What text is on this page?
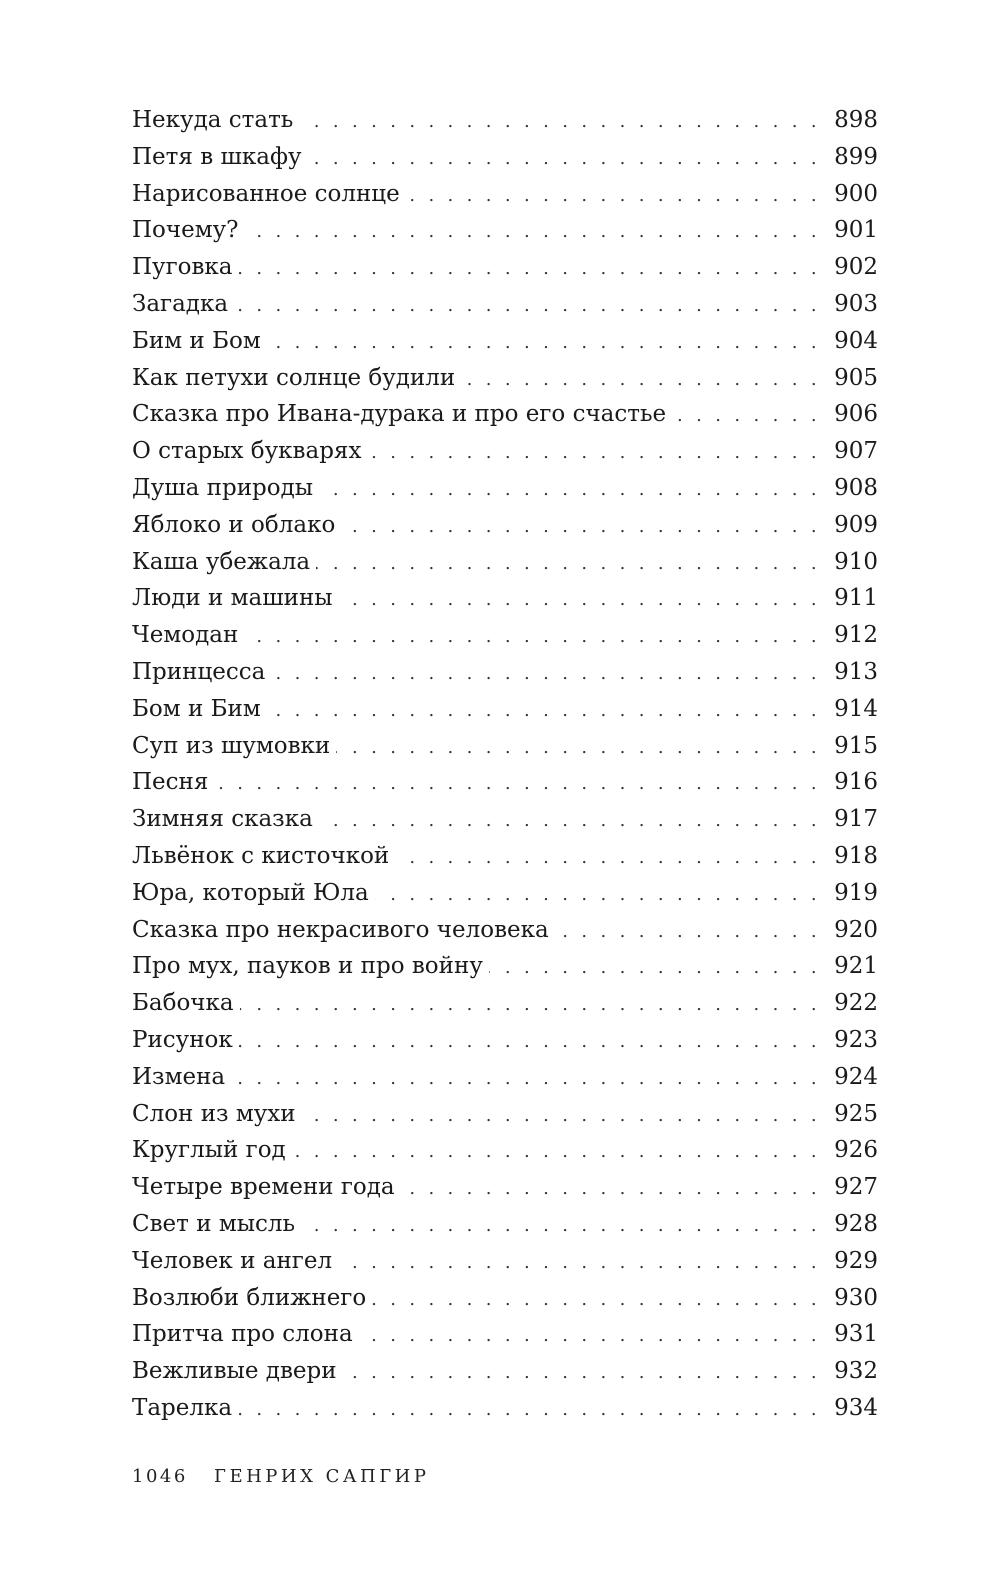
Некуда стать .....	898
Петя в шкафу .....	899
Нарисованное солнце .....	900
Почему? .....	901
Пуговка .....	902
Загадка .....	903
Бим и Бом .....	904
Как петухи солнце будили .....	905
Сказка про Ивана-дурака и про его счастье .....	906
О старых букварях .....	907
Душа природы .....	908
Яблоко и облако .....	909
Каша убежала .....	910
Люди и машины .....	911
Чемодан .....	912
Принцесса .....	913
Бом и Бим .....	914
Суп из шумовки .....	915
Песня .....	916
Зимняя сказка .....	917
Львёнок с кисточкой .....	918
Юра, который Юла .....	919
Сказка про некрасивого человека .....	920
Про мух, пауков и про войну .....	921
Бабочка .....	922
Рисунок .....	923
Измена .....	924
Слон из мухи .....	925
Круглый год .....	926
Четыре времени года .....	927
Свет и мысль .....	928
Человек и ангел .....	929
Возлюби ближнего .....	930
Притча про слона .....	931
Вежливые двери .....	932
Тарелка .....	934
1046 ГЕНРИХ САПГИР
